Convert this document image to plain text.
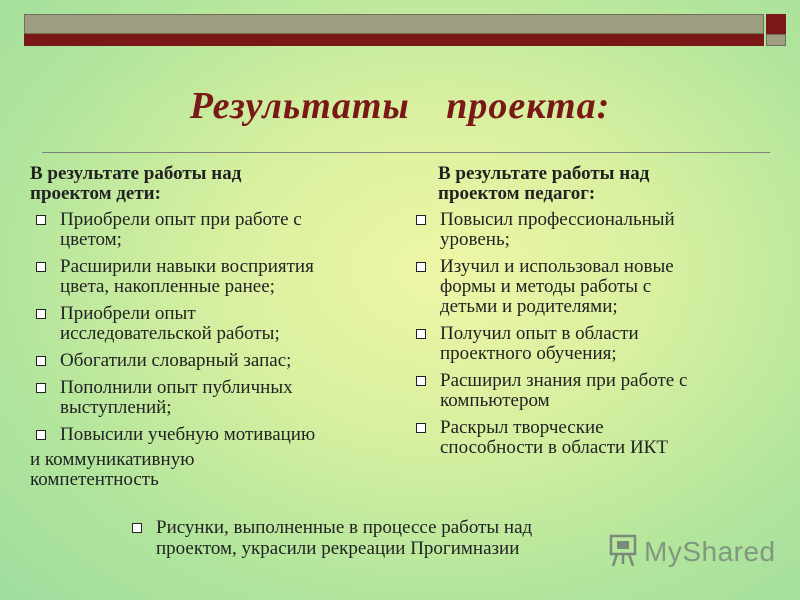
Результаты проекта:
В результате работы над
проектом дети:
Приобрели опыт при работе с
цветом;
Расширили навыки восприятия
цвета, накопленные ранее;
Приобрели опыт
исследовательской работы;
Обогатили словарный запас;
Пополнили опыт публичных
выступлений;
Повысили учебную мотивацию
и коммуникативную
компетентность
В результате работы над
проектом педагог:
Повысил профессиональный
уровень;
Изучил и использовал новые
формы и методы работы с
детьми и родителями;
Получил опыт в области
проектного обучения;
Расширил знания при работе с
компьютером
Раскрыл творческие
способности в области ИКТ
Рисунки, выполненные в процессе работы над
проектом, украсили рекреации Прогимназии	MyShared
